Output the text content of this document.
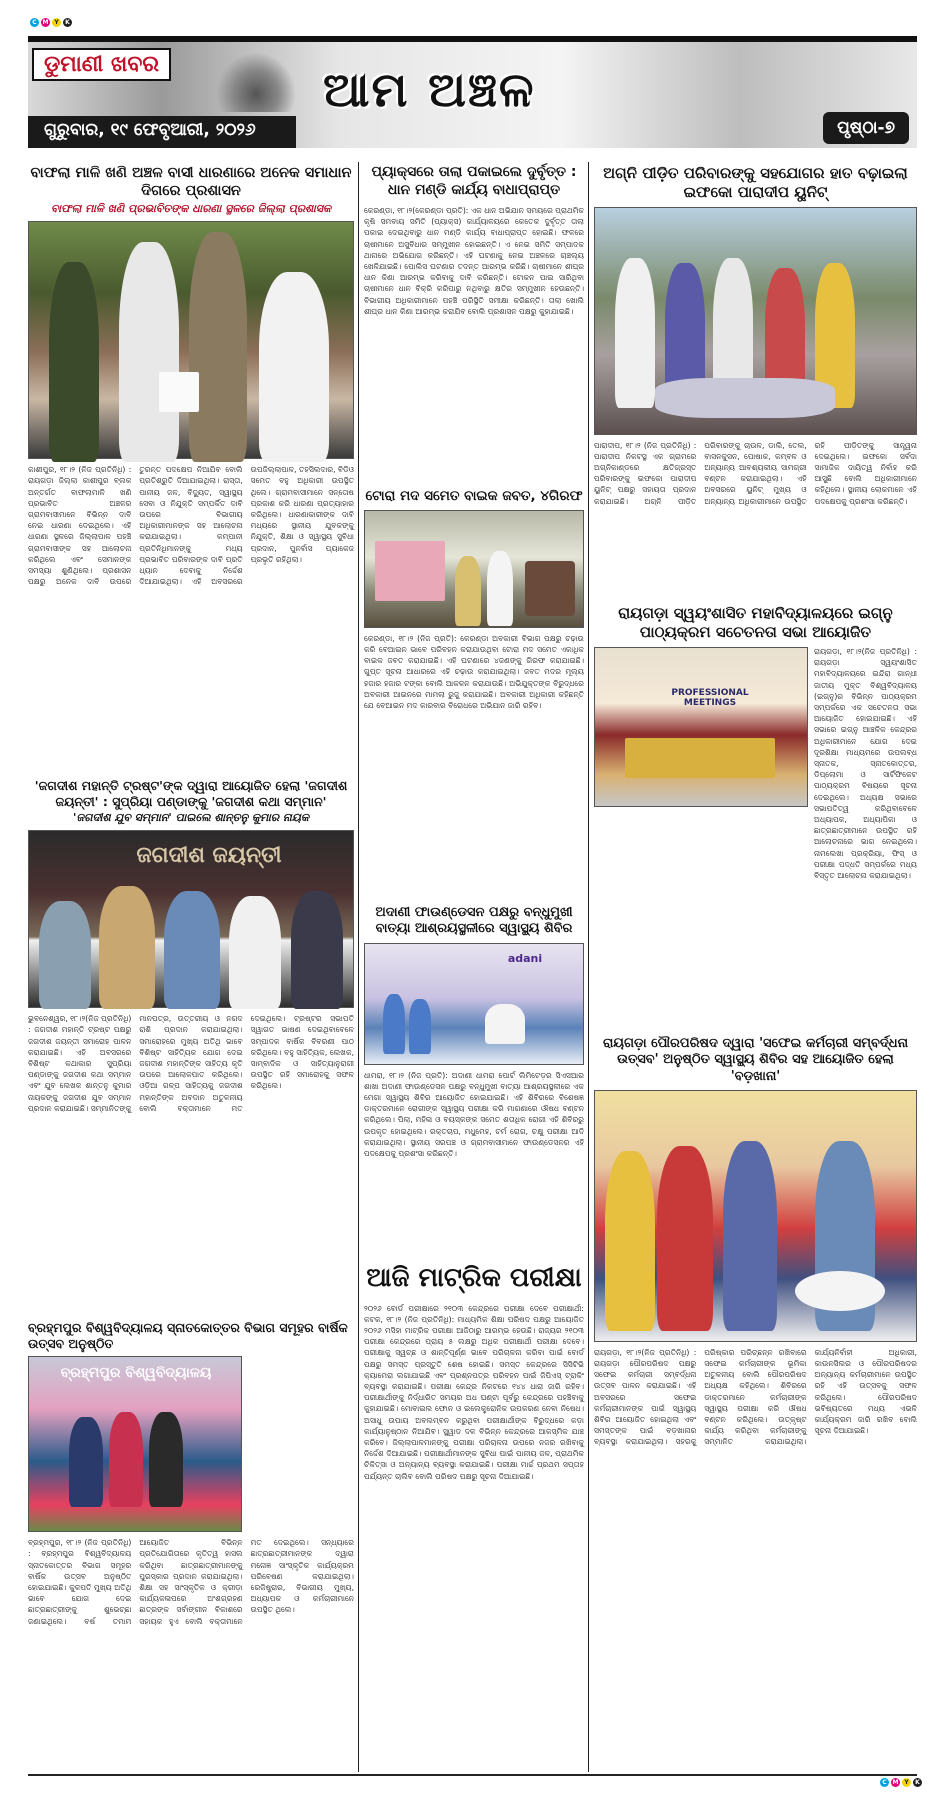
C M Y	K
C M Y	K
ଡୁମାଣୀ ଖବର	ଆମ ଅଞ୍ଚଳ
ଗୁରୁବାର, ୧୯ ଫେବୃଆରୀ, ୨୦୨୬	ପୃଷ୍ଠା-୭
ବାଫଲା ମାଳି ଖଣି ଅଞ୍ଚଳ ବାସୀ ଧାରଣାରେ ଅନେକ ସମାଧାନ ଦିଗରେ ପ୍ରଶାସନ
ବାଫଲା ମାଳି ଖଣି ପ୍ରଭାବିତଙ୍କ ଧାରଣା ସ୍ଥଳରେ ଜିଲ୍ଲା ପ୍ରଶାସକ
କାଶୀପୁର, ୧୮।୨ (ନିଜ ପ୍ରତିନିଧି) : ରାୟଗଡ଼ା ଜିଲ୍ଲା କାଶୀପୁର ବ୍ଲକ ଅନ୍ତର୍ଗତ ବାଫଲାମାଳି ଖଣି ପ୍ରଭାବିତ ଅଞ୍ଚଳର ଗ୍ରାମବାସୀମାନେ ବିଭିନ୍ନ ଦାବି ନେଇ ଧାରଣା ଦେଇଥିଲେ। ଏହି ଧାରଣା ସ୍ଥଳରେ ଜିଲ୍ଲାପାଳ ପହଞ୍ଚି ଗ୍ରାମବାସୀଙ୍କ ସହ ଆଲୋଚନା କରିଥିଲେ ଏବଂ ସେମାନଙ୍କ ସମସ୍ୟା ଶୁଣିଥିଲେ। ପ୍ରଶାସନ ପକ୍ଷରୁ ଅନେକ ଦାବି ଉପରେ ତୁରନ୍ତ ପଦକ୍ଷେପ ନିଆଯିବ ବୋଲି ପ୍ରତିଶ୍ରୁତି ଦିଆଯାଇଥିଲା। ରାସ୍ତା, ପାନୀୟ ଜଳ, ବିଦ୍ୟୁତ, ସ୍ୱାସ୍ଥ୍ୟ ସେବା ଓ ନିଯୁକ୍ତି ସମ୍ପର୍କିତ ଦାବି ଉପରେ ବିଭାଗୀୟ ଅଧିକାରୀମାନଙ୍କ ସହ ଆଲୋଚନା କରାଯାଇଥିଲା। କମ୍ପାନୀ ପ୍ରତିନିଧିମାନଙ୍କୁ ମଧ୍ୟ ପ୍ରଭାବିତ ପରିବାରଙ୍କ ଦାବି ପ୍ରତି ଧ୍ୟାନ ଦେବାକୁ ନିର୍ଦ୍ଦେଶ ଦିଆଯାଇଥିଲା। ଏହି ଅବସରରେ ଉପଜିଲ୍ଲାପାଳ, ତହସିଲଦାର, ବିଡିଓ ସମେତ ବହୁ ଅଧିକାରୀ ଉପସ୍ଥିତ ଥିଲେ। ଗ୍ରାମବାସୀମାନେ ସନ୍ତୋଷ ପ୍ରକାଶ କରି ଧାରଣା ପ୍ରତ୍ୟାହାର କରିଥିଲେ। ଧାରଣାକାରୀଙ୍କ ଦାବି ମଧ୍ୟରେ ସ୍ଥାନୀୟ ଯୁବକଙ୍କୁ ନିଯୁକ୍ତି, ଶିକ୍ଷା ଓ ସ୍ୱାସ୍ଥ୍ୟ ସୁବିଧା ପ୍ରଦାନ, ପୁନର୍ବାସ ପ୍ୟାକେଜ ପ୍ରଭୃତି ରହିଥିଲା।
'ଜଗଦୀଶ ମହାନ୍ତି ଟ୍ରଷ୍ଟ'ଙ୍କ ଦ୍ୱାରା ଆୟୋଜିତ ହେଲା 'ଜଗଦୀଶ ଜୟନ୍ତୀ' : ସୁପ୍ରିୟା ପଣ୍ଡାଙ୍କୁ 'ଜଗଦୀଶ କଥା ସମ୍ମାନ'
'ଜଗଦୀଶ ଯୁବ ସମ୍ମାନ' ପାଇଲେ ଶାନ୍ତନୁ କୁମାର ନାୟକ
ଜଗଦୀଶ ଜୟନ୍ତୀ
ଭୁବନେଶ୍ୱର, ୧୮।୨(ନିଜ ପ୍ରତିନିଧି) : ଜଗଦୀଶ ମହାନ୍ତି ଟ୍ରଷ୍ଟ ପକ୍ଷରୁ ଜଗଦୀଶ ଜୟନ୍ତୀ ସମାରୋହ ପାଳନ କରାଯାଇଛି। ଏହି ଅବସରରେ ବିଶିଷ୍ଟ କଥାକାର ସୁପ୍ରିୟା ପଣ୍ଡାଙ୍କୁ ଜଗଦୀଶ କଥା ସମ୍ମାନ ଏବଂ ଯୁବ ଲେଖକ ଶାନ୍ତନୁ କୁମାର ନାୟକଙ୍କୁ ଜଗଦୀଶ ଯୁବ ସମ୍ମାନ ପ୍ରଦାନ କରାଯାଇଛି। ସମ୍ମାନିତଙ୍କୁ ମାନପତ୍ର, ଉତ୍ତରୀୟ ଓ ନଗଦ ରାଶି ପ୍ରଦାନ କରାଯାଇଥିଲା। ସମାରୋହରେ ମୁଖ୍ୟ ଅତିଥି ଭାବେ ବିଶିଷ୍ଟ ସାହିତ୍ୟିକ ଯୋଗ ଦେଇ ଜଗଦୀଶ ମହାନ୍ତିଙ୍କ ସାହିତ୍ୟ କୃତି ଉପରେ ଆଲୋକପାତ କରିଥିଲେ। ଓଡ଼ିଆ ଗଳ୍ପ ସାହିତ୍ୟକୁ ଜଗଦୀଶ ମହାନ୍ତିଙ୍କ ଅବଦାନ ଅତୁଳନୀୟ ବୋଲି ବକ୍ତାମାନେ ମତ ଦେଇଥିଲେ। ଟ୍ରଷ୍ଟର ସଭାପତି ସ୍ୱାଗତ ଭାଷଣ ଦେଇଥିବାବେଳେ ସମ୍ପାଦକ ବାର୍ଷିକ ବିବରଣୀ ପାଠ କରିଥିଲେ। ବହୁ ସାହିତ୍ୟିକ, ଲେଖକ, ସାମ୍ବାଦିକ ଓ ସାହିତ୍ୟାନୁରାଗୀ ଉପସ୍ଥିତ ରହି ସମାରୋହକୁ ସଫଳ କରିଥିଲେ।
ବ୍ରହ୍ମପୁର ବିଶ୍ୱବିଦ୍ୟାଳୟ ସ୍ନାତକୋତ୍ତର ବିଭାଗ ସମୂହର ବାର୍ଷିକ ଉତ୍ସବ ଅନୁଷ୍ଠିତ
ବ୍ରହ୍ମପୁର ବିଶ୍ୱବିଦ୍ୟାଳୟ
ବ୍ରହ୍ମପୁର, ୧୮।୨ (ନିଜ ପ୍ରତିନିଧି) : ବ୍ରହ୍ମପୁର ବିଶ୍ୱବିଦ୍ୟାଳୟ ସ୍ନାତକୋତ୍ତର ବିଭାଗ ସମୂହର ବାର୍ଷିକ ଉତ୍ସବ ଅନୁଷ୍ଠିତ ହୋଇଯାଇଛି। କୁଳପତି ମୁଖ୍ୟ ଅତିଥି ଭାବେ ଯୋଗ ଦେଇ ଛାତ୍ରଛାତ୍ରୀଙ୍କୁ ଶୁଭେଚ୍ଛା ଜଣାଇଥିଲେ। ବର୍ଷ ତମାମ ଆୟୋଜିତ ବିଭିନ୍ନ ପ୍ରତିଯୋଗିତାରେ କୃତିତ୍ୱ ହାସଲ କରିଥିବା ଛାତ୍ରଛାତ୍ରୀମାନଙ୍କୁ ପୁରସ୍କାର ପ୍ରଦାନ କରାଯାଇଥିଲା। ଶିକ୍ଷା ସହ ସାଂସ୍କୃତିକ ଓ କ୍ରୀଡ଼ା କାର୍ଯ୍ୟକଳାପରେ ଅଂଶଗ୍ରହଣ ଛାତ୍ରଙ୍କ ସର୍ବାଙ୍ଗୀନ ବିକାଶରେ ସହାୟକ ହୁଏ ବୋଲି ବକ୍ତାମାନେ ମତ ଦେଇଥିଲେ। ସନ୍ଧ୍ୟାରେ ଛାତ୍ରଛାତ୍ରୀମାନଙ୍କ ଦ୍ୱାରା ମନୋଜ୍ଞ ସାଂସ୍କୃତିକ କାର୍ଯ୍ୟକ୍ରମ ପରିବେଷଣ କରାଯାଇଥିଲା। ରେଜିଷ୍ଟ୍ରାର, ବିଭାଗୀୟ ମୁଖ୍ୟ, ଅଧ୍ୟାପକ ଓ କର୍ମଚାରୀମାନେ ଉପସ୍ଥିତ ଥିଲେ।
ପ୍ୟାକ୍ସରେ ତାଲା ପକାଇଲେ ଦୁର୍ବୃତ୍ତ : ଧାନ ମଣ୍ଡି କାର୍ଯ୍ୟ ବାଧାପ୍ରାପ୍ତ
କେରଣ୍ଡା, ୧୮।୨(କେରଣ୍ଡା ପ୍ରତି): ଏକ ଧାନ ଅଭିଯାନ ସମୟରେ ପ୍ରାଥମିକ କୃଷି ସମବାୟ ସମିତି (ପ୍ୟାକ୍ସ) କାର୍ଯ୍ୟାଳୟରେ କେତେକ ଦୁର୍ବୃତ୍ତ ତାଲା ପକାଇ ଦେଇଥିବାରୁ ଧାନ ମଣ୍ଡି କାର୍ଯ୍ୟ ବାଧାପ୍ରାପ୍ତ ହୋଇଛି। ଫଳରେ ଚାଷୀମାନେ ଅସୁବିଧାର ସମ୍ମୁଖୀନ ହୋଇଛନ୍ତି। ଏ ନେଇ ସମିତି ସମ୍ପାଦକ ଥାନାରେ ଅଭିଯୋଗ କରିଛନ୍ତି। ଏହି ଘଟଣାକୁ ନେଇ ଅଞ୍ଚଳରେ ଚାଞ୍ଚଲ୍ୟ ଖେଳିଯାଇଛି। ପୋଲିସ ଘଟଣାର ତଦନ୍ତ ଆରମ୍ଭ କରିଛି। ଚାଷୀମାନେ ଶୀଘ୍ର ଧାନ କିଣା ଆରମ୍ଭ କରିବାକୁ ଦାବି କରିଛନ୍ତି। ଟୋକନ ପାଇ ସାରିଥିବା ଚାଷୀମାନେ ଧାନ ବିକ୍ରି କରିପାରୁ ନଥିବାରୁ କ୍ଷତିର ସମ୍ମୁଖୀନ ହେଉଛନ୍ତି। ବିଭାଗୀୟ ଅଧିକାରୀମାନେ ପହଞ୍ଚି ପରିସ୍ଥିତି ସମୀକ୍ଷା କରିଛନ୍ତି। ତାଲା ଖୋଲି ଶୀଘ୍ର ଧାନ କିଣା ଆରମ୍ଭ କରାଯିବ ବୋଲି ପ୍ରଶାସନ ପକ୍ଷରୁ କୁହାଯାଇଛି।
ଟୋରା ମଦ ସମେତ ବାଇକ ଜବତ, ୪ଗିରଫ
କେରଣ୍ଡା, ୧୮।୨ (ନିଜ ପ୍ରତି): କେରଣ୍ଡା ଅବକାରୀ ବିଭାଗ ପକ୍ଷରୁ ଚଢ଼ାଉ କରି ବେଆଇନ ଭାବେ ପରିବହନ କରାଯାଉଥିବା ଟୋରା ମଦ ସମେତ ଏକାଧିକ ବାଇକ ଜବତ କରାଯାଇଛି। ଏହି ଘଟଣାରେ ୪ଜଣଙ୍କୁ ଗିରଫ କରାଯାଇଛି। ଗୁପ୍ତ ସୂଚନା ଆଧାରରେ ଏହି ଚଢ଼ାଉ କରାଯାଇଥିଲା। ଜବତ ମଦର ମୂଲ୍ୟ ହଜାର ହଜାର ଟଙ୍କା ବୋଲି ଆକଳନ କରାଯାଉଛି। ଅଭିଯୁକ୍ତଙ୍କ ବିରୁଦ୍ଧରେ ଅବକାରୀ ଆଇନରେ ମାମଲା ରୁଜୁ କରାଯାଇଛି। ଅବକାରୀ ଅଧିକାରୀ କହିଛନ୍ତି ଯେ ବେଆଇନ ମଦ କାରବାର ବିରୋଧରେ ଅଭିଯାନ ଜାରି ରହିବ।
ଅଦାଣୀ ଫାଉଣ୍ଡେସନ ପକ୍ଷରୁ ବନ୍ଧୁମୁଖୀ ବାତ୍ୟା ଆଶ୍ରୟସ୍ଥଳୀରେ ସ୍ୱାସ୍ଥ୍ୟ ଶିବିର
adani
ଧାମରା, ୧୮।୨ (ନିଜ ପ୍ରତି): ଅଦାଣୀ ଧାମରା ପୋର୍ଟ ଲିମିଟେଡ଼ର ସିଏସଆର ଶାଖା ଅଦାଣୀ ଫାଉଣ୍ଡେସନ ପକ୍ଷରୁ ବନ୍ଧୁମୁଖୀ ବାତ୍ୟା ଆଶ୍ରୟସ୍ଥଳୀରେ ଏକ ମେଗା ସ୍ୱାସ୍ଥ୍ୟ ଶିବିର ଆୟୋଜିତ ହୋଇଯାଇଛି। ଏହି ଶିବିରରେ ବିଶେଷଜ୍ଞ ଡାକ୍ତରମାନେ ରୋଗୀଙ୍କ ସ୍ୱାସ୍ଥ୍ୟ ପରୀକ୍ଷା କରି ମାଗଣାରେ ଔଷଧ ବଣ୍ଟନ କରିଥିଲେ। ପିଲା, ମହିଳା ଓ ବୟସ୍କଙ୍କ ସମେତ ଶତାଧିକ ରୋଗୀ ଏହି ଶିବିରରୁ ଉପକୃତ ହୋଇଥିଲେ। ରକ୍ତଚାପ, ମଧୁମେହ, ଚର୍ମ ରୋଗ, ଚକ୍ଷୁ ପରୀକ୍ଷା ଆଦି କରାଯାଇଥିଲା। ସ୍ଥାନୀୟ ସରପଞ୍ଚ ଓ ଗ୍ରାମବାସୀମାନେ ଫାଉଣ୍ଡେସନର ଏହି ପଦକ୍ଷେପକୁ ପ୍ରଶଂସା କରିଛନ୍ତି।
ଆଜି ମାଟ୍ରିକ ପରୀକ୍ଷା
୨୦୨୬ ବୋର୍ଡ ପରୀକ୍ଷାରେ ୨୧୦୩ କେନ୍ଦ୍ରରେ ପରୀକ୍ଷା ଦେବେ ପରୀକ୍ଷାର୍ଥୀ: କଟକ, ୧୮।୨ (ନିଜ ପ୍ରତିନିଧି): ମାଧ୍ୟମିକ ଶିକ୍ଷା ପରିଷଦ ପକ୍ଷରୁ ଆୟୋଜିତ ୨୦୨୬ ମସିହା ମାଟ୍ରିକ ପରୀକ୍ଷା ଆଜିଠାରୁ ଆରମ୍ଭ ହେଉଛି। ରାଜ୍ୟର ୨୧୦୩ ପରୀକ୍ଷା କେନ୍ଦ୍ରରେ ପ୍ରାୟ ୫ ଲକ୍ଷରୁ ଅଧିକ ପରୀକ୍ଷାର୍ଥୀ ପରୀକ୍ଷା ଦେବେ। ପରୀକ୍ଷାକୁ ସ୍ୱଚ୍ଛ ଓ ଶାନ୍ତିପୂର୍ଣ୍ଣ ଭାବେ ପରିଚାଳନା କରିବା ପାଇଁ ବୋର୍ଡ ପକ୍ଷରୁ ସମସ୍ତ ପ୍ରସ୍ତୁତି ଶେଷ ହୋଇଛି। ସମସ୍ତ କେନ୍ଦ୍ରରେ ସିସିଟିଭି କ୍ୟାମେରା ଲଗାଯାଇଛି ଏବଂ ପ୍ରଶ୍ନପତ୍ର ପରିବହନ ପାଇଁ ଜିପିଏସ୍ ଟ୍ରାକିଂ ବ୍ୟବସ୍ଥା କରାଯାଇଛି। ପରୀକ୍ଷା କେନ୍ଦ୍ର ନିକଟରେ ୧୪୪ ଧାରା ଜାରି ରହିବ। ପରୀକ୍ଷାର୍ଥୀଙ୍କୁ ନିର୍ଦ୍ଧାରିତ ସମୟର ଅଧ ଘଣ୍ଟା ପୂର୍ବରୁ କେନ୍ଦ୍ରରେ ପହଞ୍ଚିବାକୁ କୁହାଯାଇଛି। ମୋବାଇଲ ଫୋନ ଓ ଇଲେକ୍ଟ୍ରୋନିକ ଉପକରଣ ନେବା ନିଷେଧ। ଅସାଧୁ ଉପାୟ ଅବଲମ୍ବନ କରୁଥିବା ପରୀକ୍ଷାର୍ଥୀଙ୍କ ବିରୁଦ୍ଧରେ କଡ଼ା କାର୍ଯ୍ୟାନୁଷ୍ଠାନ ନିଆଯିବ। ସ୍କ୍ୱାଡ ଦଳ ବିଭିନ୍ନ କେନ୍ଦ୍ରରେ ଆକସ୍ମିକ ଯାଞ୍ଚ କରିବେ। ଜିଲ୍ଲାପାଳମାନଙ୍କୁ ପରୀକ୍ଷା ପରିଚାଳନା ଉପରେ ନଜର ରଖିବାକୁ ନିର୍ଦ୍ଦେଶ ଦିଆଯାଇଛି। ପରୀକ୍ଷାର୍ଥୀମାନଙ୍କ ସୁବିଧା ପାଇଁ ପାନୀୟ ଜଳ, ପ୍ରାଥମିକ ଚିକିତ୍ସା ଓ ଅନ୍ୟାନ୍ୟ ବ୍ୟବସ୍ଥା କରାଯାଇଛି। ପରୀକ୍ଷା ମାର୍ଚ୍ଚ ପ୍ରଥମ ସପ୍ତାହ ପର୍ଯ୍ୟନ୍ତ ଚାଲିବ ବୋଲି ପରିଷଦ ପକ୍ଷରୁ ସୂଚନା ଦିଆଯାଇଛି।
ଅଗ୍ନି ପୀଡ଼ିତ ପରିବାରଙ୍କୁ ସହଯୋଗର ହାତ ବଢ଼ାଇଲା ଇଫକୋ ପାରାଦୀପ ୟୁନିଟ୍
ପାରାଦୀପ, ୧୮।୨ (ନିଜ ପ୍ରତିନିଧି) : ପାରାଦୀପ ନିକଟସ୍ଥ ଏକ ଗ୍ରାମରେ ଅଗ୍ନିକାଣ୍ଡରେ କ୍ଷତିଗ୍ରସ୍ତ ପରିବାରଙ୍କୁ ଇଫକୋ ପାରାଦୀପ ୟୁନିଟ୍ ପକ୍ଷରୁ ସହାୟତା ପ୍ରଦାନ କରାଯାଇଛି। ଅଗ୍ନି ପୀଡ଼ିତ ପରିବାରଙ୍କୁ ଚାଉଳ, ଡାଲି, ତେଲ, ବାସନକୁସନ, ପୋଷାକ, କମ୍ବଳ ଓ ଅନ୍ୟାନ୍ୟ ଆବଶ୍ୟକୀୟ ସାମଗ୍ରୀ ବଣ୍ଟନ କରାଯାଇଥିଲା। ଏହି ଅବସରରେ ୟୁନିଟ୍ ମୁଖ୍ୟ ଓ ଅନ୍ୟାନ୍ୟ ଅଧିକାରୀମାନେ ଉପସ୍ଥିତ ରହି ପୀଡ଼ିତଙ୍କୁ ସାନ୍ତ୍ୱନା ଦେଇଥିଲେ। ଇଫକୋ ସର୍ବଦା ସାମାଜିକ ଦାୟିତ୍ୱ ନିର୍ବାହ କରି ଆସୁଛି ବୋଲି ଅଧିକାରୀମାନେ କହିଥିଲେ। ସ୍ଥାନୀୟ ଲୋକମାନେ ଏହି ପଦକ୍ଷେପକୁ ପ୍ରଶଂସା କରିଛନ୍ତି।
ରାୟଗଡ଼ା ସ୍ୱୟଂଶାସିତ ମହାବିଦ୍ୟାଳୟରେ ଇଗ୍ନୁ ପାଠ୍ୟକ୍ରମ ସଚେତନତା ସଭା ଆୟୋଜିତ
PROFESSIONAL MEETINGS
ରାୟଗଡ଼ା, ୧୮।୨(ନିଜ ପ୍ରତିନିଧି) : ରାୟଗଡ଼ା ସ୍ୱୟଂଶାସିତ ମହାବିଦ୍ୟାଳୟରେ ଇନ୍ଦିରା ଗାନ୍ଧୀ ଜାତୀୟ ମୁକ୍ତ ବିଶ୍ୱବିଦ୍ୟାଳୟ (ଇଗ୍ନୁ)ର ବିଭିନ୍ନ ପାଠ୍ୟକ୍ରମ ସମ୍ପର୍କରେ ଏକ ସଚେତନତା ସଭା ଆୟୋଜିତ ହୋଇଯାଇଛି। ଏହି ସଭାରେ ଇଗ୍ନୁ ଆଞ୍ଚଳିକ କେନ୍ଦ୍ରର ଅଧିକାରୀମାନେ ଯୋଗ ଦେଇ ଦୂରଶିକ୍ଷା ମାଧ୍ୟମରେ ଉପଲବ୍ଧ ସ୍ନାତକ, ସ୍ନାତକୋତ୍ତର, ଡିପ୍ଲୋମା ଓ ସାର୍ଟିଫିକେଟ ପାଠ୍ୟକ୍ରମ ବିଷୟରେ ସୂଚନା ଦେଇଥିଲେ। ଅଧ୍ୟକ୍ଷ ସଭାରେ ସଭାପତିତ୍ୱ କରିଥିବାବେଳେ ଅଧ୍ୟାପକ, ଅଧ୍ୟାପିକା ଓ ଛାତ୍ରଛାତ୍ରୀମାନେ ଉପସ୍ଥିତ ରହି ଆଲୋଚନାରେ ଭାଗ ନେଇଥିଲେ। ନାମଲେଖା ପ୍ରକ୍ରିୟା, ଫିସ୍ ଓ ପରୀକ୍ଷା ପଦ୍ଧତି ସମ୍ପର୍କରେ ମଧ୍ୟ ବିସ୍ତୃତ ଆଲୋଚନା କରାଯାଇଥିଲା।
ରାୟଗଡ଼ା ପୌରପରିଷଦ ଦ୍ୱାରା 'ସଫେଇ କର୍ମଚାରୀ ସମ୍ବର୍ଦ୍ଧନା ଉତ୍ସବ' ଅନୁଷ୍ଠିତ ସ୍ୱାସ୍ଥ୍ୟ ଶିବିର ସହ ଆୟୋଜିତ ହେଲା 'ବଡ଼ଖାନା'
ରାୟଗଡ଼ା, ୧୮।୨(ନିଜ ପ୍ରତିନିଧି) : ରାୟଗଡ଼ା ପୌରପରିଷଦ ପକ୍ଷରୁ ସଫେଇ କର୍ମଚାରୀ ସମ୍ବର୍ଦ୍ଧନା ଉତ୍ସବ ପାଳନ କରାଯାଇଛି। ଏହି ଅବସରରେ ସଫେଇ କର୍ମଚାରୀମାନଙ୍କ ପାଇଁ ସ୍ୱାସ୍ଥ୍ୟ ଶିବିର ଆୟୋଜିତ ହୋଇଥିଲା ଏବଂ ସମସ୍ତଙ୍କ ପାଇଁ ବଡ଼ଖାନାର ବ୍ୟବସ୍ଥା କରାଯାଇଥିଲା। ସହରକୁ ପରିଷ୍କାର ପରିଚ୍ଛନ୍ନ ରଖିବାରେ ସଫେଇ କର୍ମଚାରୀଙ୍କ ଭୂମିକା ଅତୁଳନୀୟ ବୋଲି ପୌରପରିଷଦ ଅଧ୍ୟକ୍ଷ କହିଥିଲେ। ଶିବିରରେ ଡାକ୍ତରମାନେ କର୍ମଚାରୀଙ୍କ ସ୍ୱାସ୍ଥ୍ୟ ପରୀକ୍ଷା କରି ଔଷଧ ବଣ୍ଟନ କରିଥିଲେ। ଉତ୍କୃଷ୍ଟ କାର୍ଯ୍ୟ କରିଥିବା କର୍ମଚାରୀଙ୍କୁ ସମ୍ମାନିତ କରାଯାଇଥିଲା। କାର୍ଯ୍ୟନିର୍ବାହୀ ଅଧିକାରୀ, କାଉନସିଲର ଓ ପୌରପରିଷଦର ଅନ୍ୟାନ୍ୟ କର୍ମଚାରୀମାନେ ଉପସ୍ଥିତ ରହି ଏହି ଉତ୍ସବକୁ ସଫଳ କରିଥିଲେ। ପୌରପରିଷଦ ଭବିଷ୍ୟତରେ ମଧ୍ୟ ଏଭଳି କାର୍ଯ୍ୟକ୍ରମ ଜାରି ରଖିବ ବୋଲି ସୂଚନା ଦିଆଯାଇଛି।
